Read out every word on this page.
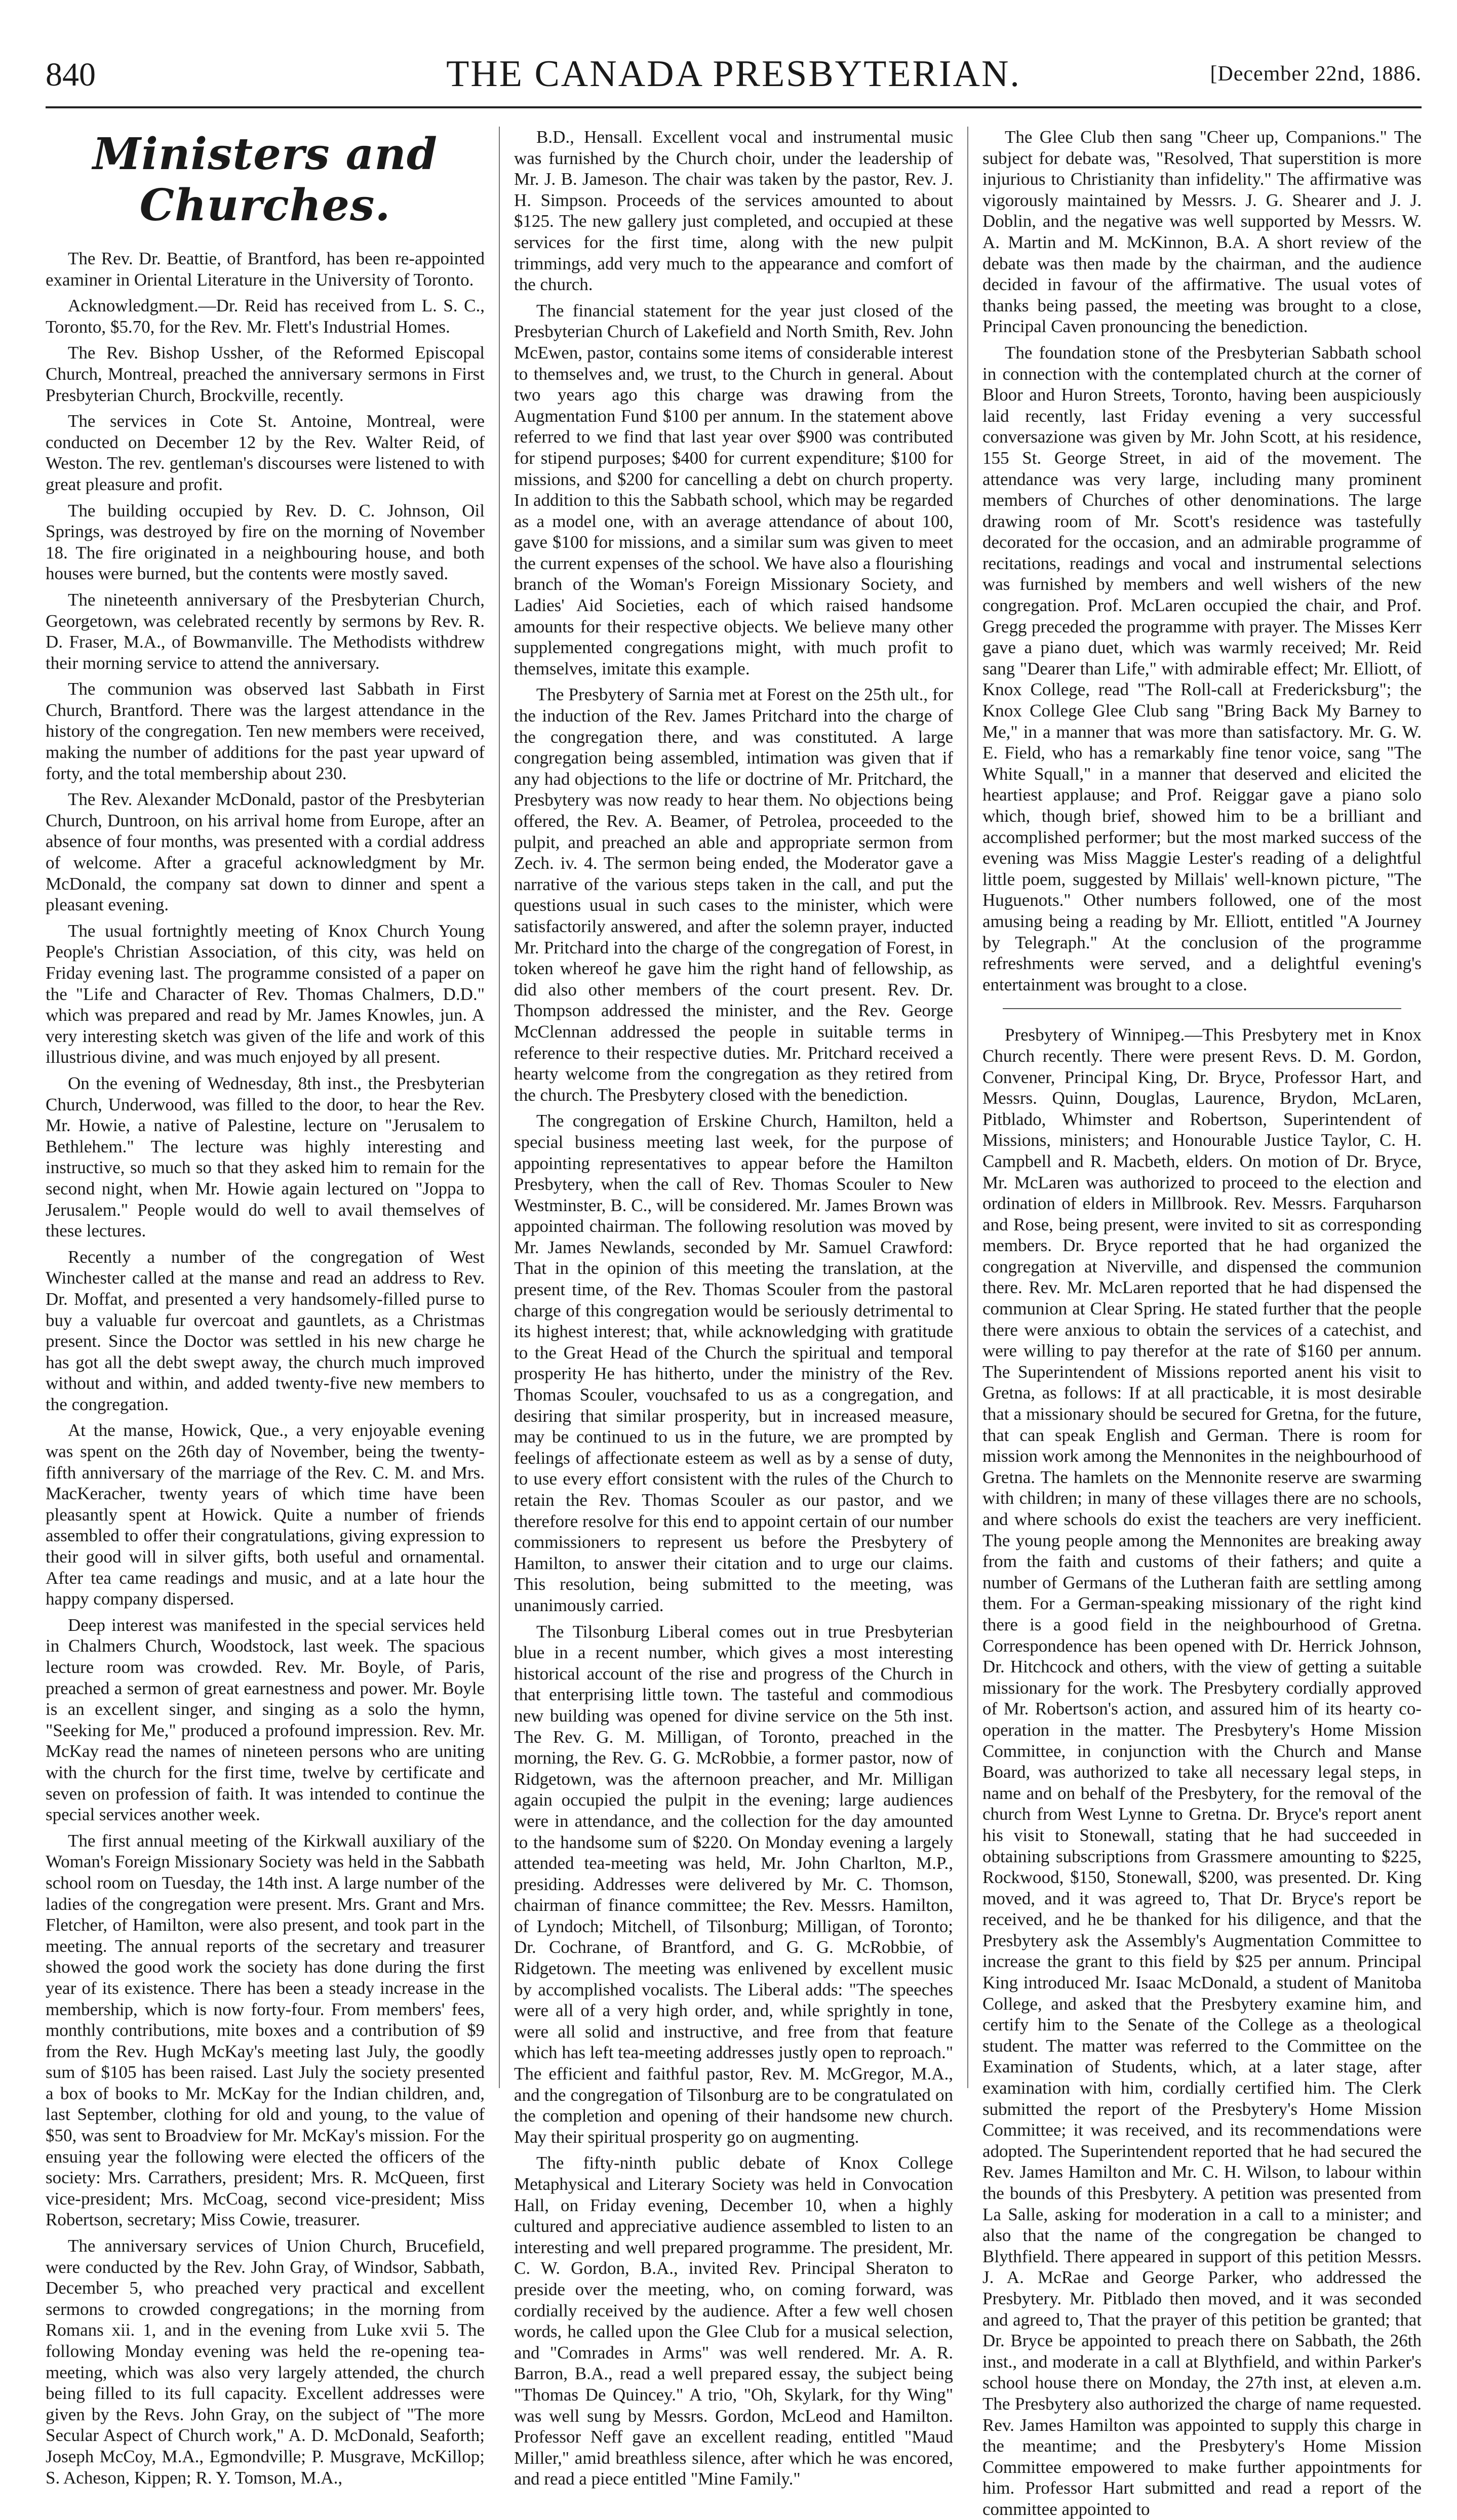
840	THE CANADA PRESBYTERIAN.	[December 22nd, 1886.
Ministers and Churches.

The Rev. Dr. Beattie, of Brantford, has been re-appointed examiner in Oriental Literature in the University of Toronto.

Acknowledgment.—Dr. Reid has received from L. S. C., Toronto, $5.70, for the Rev. Mr. Flett's Industrial Homes.

The Rev. Bishop Ussher, of the Reformed Episcopal Church, Montreal, preached the anniversary sermons in First Presbyterian Church, Brockville, recently.

The services in Cote St. Antoine, Montreal, were conducted on December 12 by the Rev. Walter Reid, of Weston. The rev. gentleman's discourses were listened to with great pleasure and profit.

The building occupied by Rev. D. C. Johnson, Oil Springs, was destroyed by fire on the morning of November 18. The fire originated in a neighbouring house, and both houses were burned, but the contents were mostly saved.

The nineteenth anniversary of the Presbyterian Church, Georgetown, was celebrated recently by sermons by Rev. R. D. Fraser, M.A., of Bowmanville. The Methodists withdrew their morning service to attend the anniversary.

The communion was observed last Sabbath in First Church, Brantford. There was the largest attendance in the history of the congregation. Ten new members were received, making the number of additions for the past year upward of forty, and the total membership about 230.

The Rev. Alexander McDonald, pastor of the Presbyterian Church, Duntroon, on his arrival home from Europe, after an absence of four months, was presented with a cordial address of welcome. After a graceful acknowledgment by Mr. McDonald, the company sat down to dinner and spent a pleasant evening.

The usual fortnightly meeting of Knox Church Young People's Christian Association, of this city, was held on Friday evening last. The programme consisted of a paper on the "Life and Character of Rev. Thomas Chalmers, D.D." which was prepared and read by Mr. James Knowles, jun. A very interesting sketch was given of the life and work of this illustrious divine, and was much enjoyed by all present.

On the evening of Wednesday, 8th inst., the Presbyterian Church, Underwood, was filled to the door, to hear the Rev. Mr. Howie, a native of Palestine, lecture on "Jerusalem to Bethlehem." The lecture was highly interesting and instructive, so much so that they asked him to remain for the second night, when Mr. Howie again lectured on "Joppa to Jerusalem." People would do well to avail themselves of these lectures.

Recently a number of the congregation of West Winchester called at the manse and read an address to Rev. Dr. Moffat, and presented a very handsomely-filled purse to buy a valuable fur overcoat and gauntlets, as a Christmas present. Since the Doctor was settled in his new charge he has got all the debt swept away, the church much improved without and within, and added twenty-five new members to the congregation.

At the manse, Howick, Que., a very enjoyable evening was spent on the 26th day of November, being the twenty-fifth anniversary of the marriage of the Rev. C. M. and Mrs. MacKeracher, twenty years of which time have been pleasantly spent at Howick. Quite a number of friends assembled to offer their congratulations, giving expression to their good will in silver gifts, both useful and ornamental. After tea came readings and music, and at a late hour the happy company dispersed.

Deep interest was manifested in the special services held in Chalmers Church, Woodstock, last week. The spacious lecture room was crowded. Rev. Mr. Boyle, of Paris, preached a sermon of great earnestness and power. Mr. Boyle is an excellent singer, and singing as a solo the hymn, "Seeking for Me," produced a profound impression. Rev. Mr. McKay read the names of nineteen persons who are uniting with the church for the first time, twelve by certificate and seven on profession of faith. It was intended to continue the special services another week.

The first annual meeting of the Kirkwall auxiliary of the Woman's Foreign Missionary Society was held in the Sabbath school room on Tuesday, the 14th inst. A large number of the ladies of the congregation were present. Mrs. Grant and Mrs. Fletcher, of Hamilton, were also present, and took part in the meeting. The annual reports of the secretary and treasurer showed the good work the society has done during the first year of its existence. There has been a steady increase in the membership, which is now forty-four. From members' fees, monthly contributions, mite boxes and a contribution of $9 from the Rev. Hugh McKay's meeting last July, the goodly sum of $105 has been raised. Last July the society presented a box of books to Mr. McKay for the Indian children, and, last September, clothing for old and young, to the value of $50, was sent to Broadview for Mr. McKay's mission. For the ensuing year the following were elected the officers of the society: Mrs. Carrathers, president; Mrs. R. McQueen, first vice-president; Mrs. McCoag, second vice-president; Miss Robertson, secretary; Miss Cowie, treasurer.

The anniversary services of Union Church, Brucefield, were conducted by the Rev. John Gray, of Windsor, Sabbath, December 5, who preached very practical and excellent sermons to crowded congregations; in the morning from Romans xii. 1, and in the evening from Luke xvii 5. The following Monday evening was held the re-opening tea-meeting, which was also very largely attended, the church being filled to its full capacity. Excellent addresses were given by the Revs. John Gray, on the subject of "The more Secular Aspect of Church work," A. D. McDonald, Seaforth; Joseph McCoy, M.A., Egmondville; P. Musgrave, McKillop; S. Acheson, Kippen; R. Y. Tomson, M.A.,

B.D., Hensall. Excellent vocal and instrumental music was furnished by the Church choir, under the leadership of Mr. J. B. Jameson. The chair was taken by the pastor, Rev. J. H. Simpson. Proceeds of the services amounted to about $125. The new gallery just completed, and occupied at these services for the first time, along with the new pulpit trimmings, add very much to the appearance and comfort of the church.

The financial statement for the year just closed of the Presbyterian Church of Lakefield and North Smith, Rev. John McEwen, pastor, contains some items of considerable interest to themselves and, we trust, to the Church in general. About two years ago this charge was drawing from the Augmentation Fund $100 per annum. In the statement above referred to we find that last year over $900 was contributed for stipend purposes; $400 for current expenditure; $100 for missions, and $200 for cancelling a debt on church property. In addition to this the Sabbath school, which may be regarded as a model one, with an average attendance of about 100, gave $100 for missions, and a similar sum was given to meet the current expenses of the school. We have also a flourishing branch of the Woman's Foreign Missionary Society, and Ladies' Aid Societies, each of which raised handsome amounts for their respective objects. We believe many other supplemented congregations might, with much profit to themselves, imitate this example.

The Presbytery of Sarnia met at Forest on the 25th ult., for the induction of the Rev. James Pritchard into the charge of the congregation there, and was constituted. A large congregation being assembled, intimation was given that if any had objections to the life or doctrine of Mr. Pritchard, the Presbytery was now ready to hear them. No objections being offered, the Rev. A. Beamer, of Petrolea, proceeded to the pulpit, and preached an able and appropriate sermon from Zech. iv. 4. The sermon being ended, the Moderator gave a narrative of the various steps taken in the call, and put the questions usual in such cases to the minister, which were satisfactorily answered, and after the solemn prayer, inducted Mr. Pritchard into the charge of the congregation of Forest, in token whereof he gave him the right hand of fellowship, as did also other members of the court present. Rev. Dr. Thompson addressed the minister, and the Rev. George McClennan addressed the people in suitable terms in reference to their respective duties. Mr. Pritchard received a hearty welcome from the congregation as they retired from the church. The Presbytery closed with the benediction.

The congregation of Erskine Church, Hamilton, held a special business meeting last week, for the purpose of appointing representatives to appear before the Hamilton Presbytery, when the call of Rev. Thomas Scouler to New Westminster, B. C., will be considered. Mr. James Brown was appointed chairman. The following resolution was moved by Mr. James Newlands, seconded by Mr. Samuel Crawford: That in the opinion of this meeting the translation, at the present time, of the Rev. Thomas Scouler from the pastoral charge of this congregation would be seriously detrimental to its highest interest; that, while acknowledging with gratitude to the Great Head of the Church the spiritual and temporal prosperity He has hitherto, under the ministry of the Rev. Thomas Scouler, vouchsafed to us as a congregation, and desiring that similar prosperity, but in increased measure, may be continued to us in the future, we are prompted by feelings of affectionate esteem as well as by a sense of duty, to use every effort consistent with the rules of the Church to retain the Rev. Thomas Scouler as our pastor, and we therefore resolve for this end to appoint certain of our number commissioners to represent us before the Presbytery of Hamilton, to answer their citation and to urge our claims. This resolution, being submitted to the meeting, was unanimously carried.

The Tilsonburg Liberal comes out in true Presbyterian blue in a recent number, which gives a most interesting historical account of the rise and progress of the Church in that enterprising little town. The tasteful and commodious new building was opened for divine service on the 5th inst. The Rev. G. M. Milligan, of Toronto, preached in the morning, the Rev. G. G. McRobbie, a former pastor, now of Ridgetown, was the afternoon preacher, and Mr. Milligan again occupied the pulpit in the evening; large audiences were in attendance, and the collection for the day amounted to the handsome sum of $220. On Monday evening a largely attended tea-meeting was held, Mr. John Charlton, M.P., presiding. Addresses were delivered by Mr. C. Thomson, chairman of finance committee; the Rev. Messrs. Hamilton, of Lyndoch; Mitchell, of Tilsonburg; Milligan, of Toronto; Dr. Cochrane, of Brantford, and G. G. McRobbie, of Ridgetown. The meeting was enlivened by excellent music by accomplished vocalists. The Liberal adds: "The speeches were all of a very high order, and, while sprightly in tone, were all solid and instructive, and free from that feature which has left tea-meeting addresses justly open to reproach." The efficient and faithful pastor, Rev. M. McGregor, M.A., and the congregation of Tilsonburg are to be congratulated on the completion and opening of their handsome new church. May their spiritual prosperity go on augmenting.

The fifty-ninth public debate of Knox College Metaphysical and Literary Society was held in Convocation Hall, on Friday evening, December 10, when a highly cultured and appreciative audience assembled to listen to an interesting and well prepared programme. The president, Mr. C. W. Gordon, B.A., invited Rev. Principal Sheraton to preside over the meeting, who, on coming forward, was cordially received by the audience. After a few well chosen words, he called upon the Glee Club for a musical selection, and "Comrades in Arms" was well rendered. Mr. A. R. Barron, B.A., read a well prepared essay, the subject being "Thomas De Quincey." A trio, "Oh, Skylark, for thy Wing" was well sung by Messrs. Gordon, McLeod and Hamilton. Professor Neff gave an excellent reading, entitled "Maud Miller," amid breathless silence, after which he was encored, and read a piece entitled "Mine Family."

The Glee Club then sang "Cheer up, Companions." The subject for debate was, "Resolved, That superstition is more injurious to Christianity than infidelity." The affirmative was vigorously maintained by Messrs. J. G. Shearer and J. J. Doblin, and the negative was well supported by Messrs. W. A. Martin and M. McKinnon, B.A. A short review of the debate was then made by the chairman, and the audience decided in favour of the affirmative. The usual votes of thanks being passed, the meeting was brought to a close, Principal Caven pronouncing the benediction.

The foundation stone of the Presbyterian Sabbath school in connection with the contemplated church at the corner of Bloor and Huron Streets, Toronto, having been auspiciously laid recently, last Friday evening a very successful conversazione was given by Mr. John Scott, at his residence, 155 St. George Street, in aid of the movement. The attendance was very large, including many prominent members of Churches of other denominations. The large drawing room of Mr. Scott's residence was tastefully decorated for the occasion, and an admirable programme of recitations, readings and vocal and instrumental selections was furnished by members and well wishers of the new congregation. Prof. McLaren occupied the chair, and Prof. Gregg preceded the programme with prayer. The Misses Kerr gave a piano duet, which was warmly received; Mr. Reid sang "Dearer than Life," with admirable effect; Mr. Elliott, of Knox College, read "The Roll-call at Fredericksburg"; the Knox College Glee Club sang "Bring Back My Barney to Me," in a manner that was more than satisfactory. Mr. G. W. E. Field, who has a remarkably fine tenor voice, sang "The White Squall," in a manner that deserved and elicited the heartiest applause; and Prof. Reiggar gave a piano solo which, though brief, showed him to be a brilliant and accomplished performer; but the most marked success of the evening was Miss Maggie Lester's reading of a delightful little poem, suggested by Millais' well-known picture, "The Huguenots." Other numbers followed, one of the most amusing being a reading by Mr. Elliott, entitled "A Journey by Telegraph." At the conclusion of the programme refreshments were served, and a delightful evening's entertainment was brought to a close.

Presbytery of Winnipeg.—This Presbytery met in Knox Church recently. There were present Revs. D. M. Gordon, Convener, Principal King, Dr. Bryce, Professor Hart, and Messrs. Quinn, Douglas, Laurence, Brydon, McLaren, Pitblado, Whimster and Robertson, Superintendent of Missions, ministers; and Honourable Justice Taylor, C. H. Campbell and R. Macbeth, elders. On motion of Dr. Bryce, Mr. McLaren was authorized to proceed to the election and ordination of elders in Millbrook. Rev. Messrs. Farquharson and Rose, being present, were invited to sit as corresponding members. Dr. Bryce reported that he had organized the congregation at Niverville, and dispensed the communion there. Rev. Mr. McLaren reported that he had dispensed the communion at Clear Spring. He stated further that the people there were anxious to obtain the services of a catechist, and were willing to pay therefor at the rate of $160 per annum. The Superintendent of Missions reported anent his visit to Gretna, as follows: If at all practicable, it is most desirable that a missionary should be secured for Gretna, for the future, that can speak English and German. There is room for mission work among the Mennonites in the neighbourhood of Gretna. The hamlets on the Mennonite reserve are swarming with children; in many of these villages there are no schools, and where schools do exist the teachers are very inefficient. The young people among the Mennonites are breaking away from the faith and customs of their fathers; and quite a number of Germans of the Lutheran faith are settling among them. For a German-speaking missionary of the right kind there is a good field in the neighbourhood of Gretna. Correspondence has been opened with Dr. Herrick Johnson, Dr. Hitchcock and others, with the view of getting a suitable missionary for the work. The Presbytery cordially approved of Mr. Robertson's action, and assured him of its hearty co-operation in the matter. The Presbytery's Home Mission Committee, in conjunction with the Church and Manse Board, was authorized to take all necessary legal steps, in name and on behalf of the Presbytery, for the removal of the church from West Lynne to Gretna. Dr. Bryce's report anent his visit to Stonewall, stating that he had succeeded in obtaining subscriptions from Grassmere amounting to $225, Rockwood, $150, Stonewall, $200, was presented. Dr. King moved, and it was agreed to, That Dr. Bryce's report be received, and he be thanked for his diligence, and that the Presbytery ask the Assembly's Augmentation Committee to increase the grant to this field by $25 per annum. Principal King introduced Mr. Isaac McDonald, a student of Manitoba College, and asked that the Presbytery examine him, and certify him to the Senate of the College as a theological student. The matter was referred to the Committee on the Examination of Students, which, at a later stage, after examination with him, cordially certified him. The Clerk submitted the report of the Presbytery's Home Mission Committee; it was received, and its recommendations were adopted. The Superintendent reported that he had secured the Rev. James Hamilton and Mr. C. H. Wilson, to labour within the bounds of this Presbytery. A petition was presented from La Salle, asking for moderation in a call to a minister; and also that the name of the congregation be changed to Blythfield. There appeared in support of this petition Messrs. J. A. McRae and George Parker, who addressed the Presbytery. Mr. Pitblado then moved, and it was seconded and agreed to, That the prayer of this petition be granted; that Dr. Bryce be appointed to preach there on Sabbath, the 26th inst., and moderate in a call at Blythfield, and within Parker's school house there on Monday, the 27th inst, at eleven a.m. The Presbytery also authorized the charge of name requested. Rev. James Hamilton was appointed to supply this charge in the meantime; and the Presbytery's Home Mission Committee empowered to make further appointments for him. Professor Hart submitted and read a report of the committee appointed to
